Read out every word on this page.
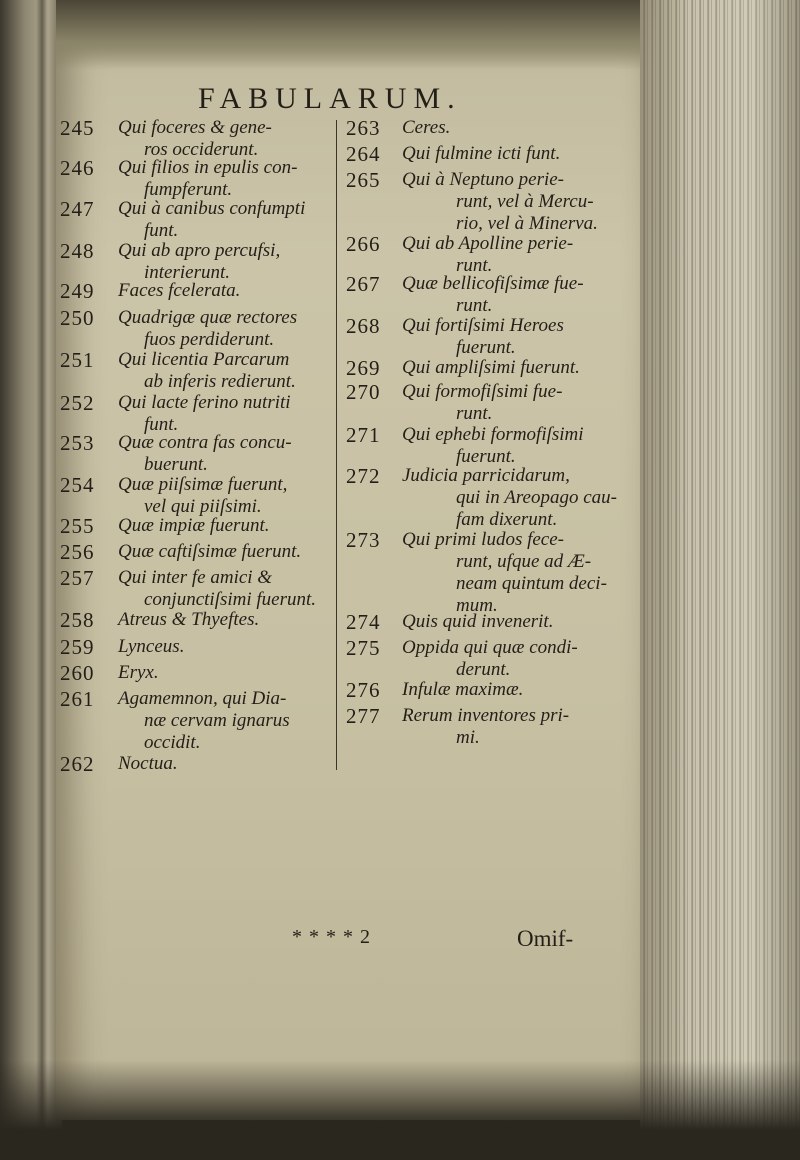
FABULARUM.
245	Qui foceres & gene-
ros occiderunt.
246	Qui filios in epulis con-
fumpferunt.
247	Qui à canibus confumpti
funt.
248	Qui ab apro percufsi,
interierunt.
249	Faces fcelerata.
250	Quadrigæ quæ rectores
fuos perdiderunt.
251	Qui licentia Parcarum
ab inferis redierunt.
252	Qui lacte ferino nutriti
funt.
253	Quæ contra fas concu-
buerunt.
254	Quæ piiſsimæ fuerunt,
vel qui piiſsimi.
255	Quæ impiæ fuerunt.
256	Quæ caftiſsimæ fuerunt.
257	Qui inter fe amici &
conjunctiſsimi fuerunt.
258	Atreus & Thyeftes.
259	Lynceus.
260	Eryx.
261	Agamemnon, qui Dia-
næ cervam ignarus
occidit.
262	Noctua.
263	Ceres.
264	Qui fulmine icti funt.
265	Qui à Neptuno perie-
runt, vel à Mercu-
rio, vel à Minerva.
266	Qui ab Apolline perie-
runt.
267	Quæ bellicofiſsimæ fue-
runt.
268	Qui fortiſsimi Heroes
fuerunt.
269	Qui ampliſsimi fuerunt.
270	Qui formofiſsimi fue-
runt.
271	Qui ephebi formofiſsimi
fuerunt.
272	Judicia parricidarum,
qui in Areopago cau-
fam dixerunt.
273	Qui primi ludos fece-
runt, ufque ad Æ-
neam quintum deci-
mum.
274	Quis quid invenerit.
275	Oppida qui quæ condi-
derunt.
276	Infulæ maximæ.
277	Rerum inventores pri-
mi.
* * * * 2	Omif-
